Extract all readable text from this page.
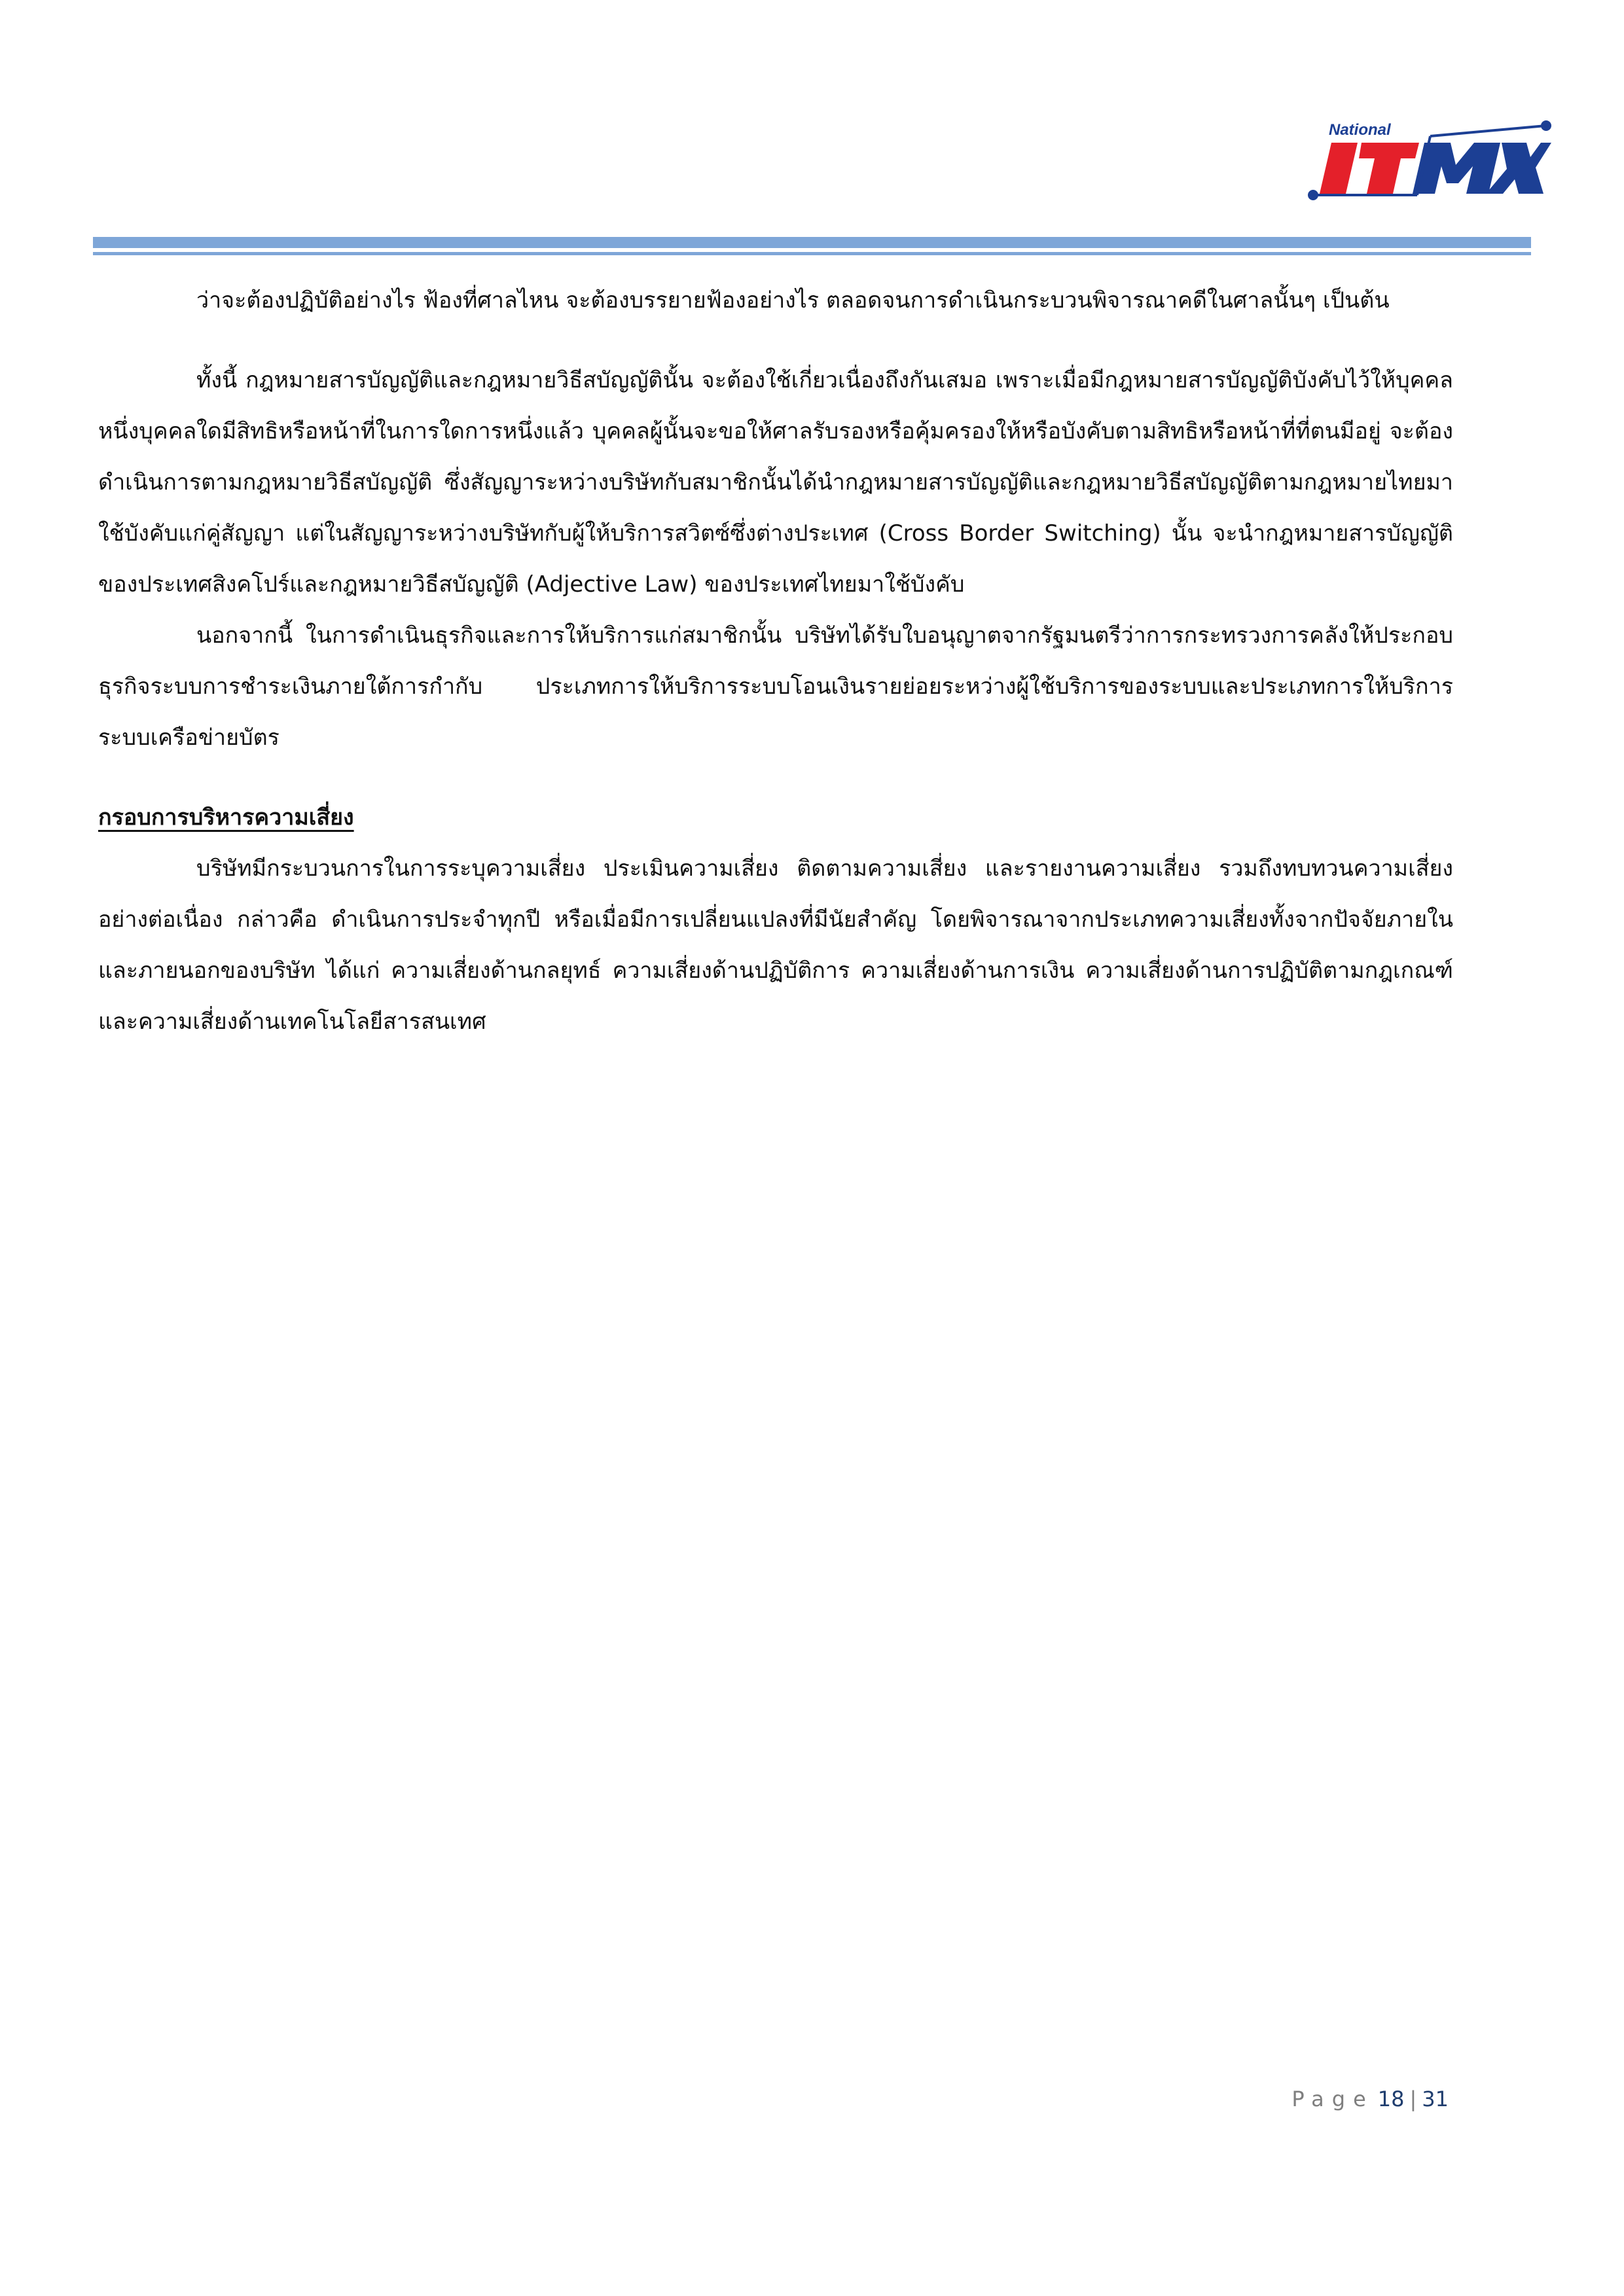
National

ว่าจะต้องปฏิบัติอย่างไร ฟ้องที่ศาลไหน จะต้องบรรยายฟ้องอย่างไร ตลอดจนการดำเนินกระบวนพิจารณาคดีในศาลนั้นๆ เป็นต้น

ทั้งนี้ กฎหมายสารบัญญัติและกฎหมายวิธีสบัญญัตินั้น จะต้องใช้เกี่ยวเนื่องถึงกันเสมอ เพราะเมื่อมีกฎหมายสารบัญญัติบังคับไว้ให้บุคคลหนึ่งบุคคลใดมีสิทธิหรือหน้าที่ในการใดการหนึ่งแล้ว บุคคลผู้นั้นจะขอให้ศาลรับรองหรือคุ้มครองให้หรือบังคับตามสิทธิหรือหน้าที่ที่ตนมีอยู่ จะต้องดำเนินการตามกฎหมายวิธีสบัญญัติ ซึ่งสัญญาระหว่างบริษัทกับสมาชิกนั้นได้นำกฎหมายสารบัญญัติและกฎหมายวิธีสบัญญัติตามกฎหมายไทยมาใช้บังคับแก่คู่สัญญา แต่ในสัญญาระหว่างบริษัทกับผู้ให้บริการสวิตซ์ซึ่งต่างประเทศ (Cross Border Switching) นั้น จะนำกฎหมายสารบัญญัติของประเทศสิงคโปร์และกฎหมายวิธีสบัญญัติ (Adjective Law) ของประเทศไทยมาใช้บังคับ

นอกจากนี้ ในการดำเนินธุรกิจและการให้บริการแก่สมาชิกนั้น บริษัทได้รับใบอนุญาตจากรัฐมนตรีว่าการกระทรวงการคลังให้ประกอบธุรกิจระบบการชำระเงินภายใต้การกำกับ ประเภทการให้บริการระบบโอนเงินรายย่อยระหว่างผู้ใช้บริการของระบบและประเภทการให้บริการระบบเครือข่ายบัตร

กรอบการบริหารความเสี่ยง

บริษัทมีกระบวนการในการระบุความเสี่ยง ประเมินความเสี่ยง ติดตามความเสี่ยง และรายงานความเสี่ยง รวมถึงทบทวนความเสี่ยงอย่างต่อเนื่อง กล่าวคือ ดำเนินการประจำทุกปี หรือเมื่อมีการเปลี่ยนแปลงที่มีนัยสำคัญ โดยพิจารณาจากประเภทความเสี่ยงทั้งจากปัจจัยภายใน และภายนอกของบริษัท ได้แก่ ความเสี่ยงด้านกลยุทธ์ ความเสี่ยงด้านปฏิบัติการ ความเสี่ยงด้านการเงิน ความเสี่ยงด้านการปฏิบัติตามกฎเกณฑ์ และความเสี่ยงด้านเทคโนโลยีสารสนเทศ

Page 18 | 31
